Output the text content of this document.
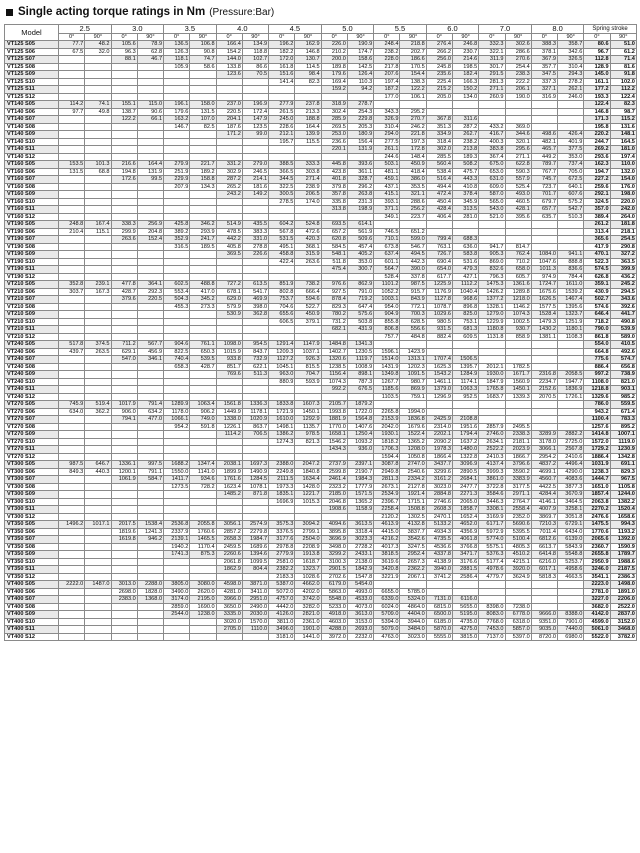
Single acting torque ratings in Nm (Pressure:Bar)
Model	2.5		3.0		3.5		4.0		4.5		5.0		5.5		6.0		7.0		8.0		Spring stroke	
	0°	90°	0°	90°	0°	90°	0°	90°	0°	90°	0°	90°	0°	90°	0°	90°	0°	90°	0°	90°	0°	90°
VT125 S05	77.7	48.2	105.6	78.9	136.5	106.8	166.4	134.9	196.2	162.9	226.0	190.9	248.4	218.8	276.4	246.8	332.3	302.6	388.3	358.7	80.6	51.0
VT125 S06	67.5	32.0	96.3	62.8	126.3	90.8	154.2	118.8	182.2	146.8	210.2	174.7	238.2	202.7	266.2	230.7	322.1	286.6	378.1	342.6	96.7	61.2
VT125 S07			88.1	46.7	118.1	74.7	144.0	102.7	172.0	130.7	200.0	158.6	228.0	186.6	256.0	214.6	311.9	270.6	367.9	326.5	112.8	71.4
VT125 S08					105.9	58.6	133.8	86.6	161.8	114.5	189.8	142.5	217.8	170.5	245.8	198.5	301.7	254.4	357.7	310.4	128.9	81.6
VT125 S09							123.6	70.5	151.6	98.4	179.6	126.4	207.6	154.4	235.6	182.4	291.5	238.3	347.5	294.3	145.0	91.8
VT125 S10									141.4	82.3	169.4	110.3	197.4	138.3	225.4	166.3	281.3	222.2	337.3	278.2	161.1	102.0
VT125 S11											159.2	94.2	187.2	122.2	215.2	150.2	271.1	206.1	327.1	262.1	177.2	112.2
VT125 S12													177.0	106.1	205.0	134.0	260.9	190.0	316.9	246.0	193.3	122.4
VT140 S05	114.2	74.1	155.1	115.0	196.1	158.0	237.0	196.9	277.9	237.8	318.9	278.7									122.4	82.3
VT140 S06	97.7	49.8	138.7	90.6	179.6	131.5	220.5	172.4	261.5	213.3	302.4	254.3	343.3	295.2							146.8	98.7
VT140 S07			122.2	66.1	163.2	107.0	204.1	147.9	245.0	188.8	285.9	229.8	326.9	270.7	367.8	311.6					171.3	115.2
VT140 S08					146.7	82.5	187.6	123.5	228.6	164.4	269.5	205.3	310.4	246.2	351.3	287.2	433.2	369.0			195.8	131.6
VT140 S09							171.2	99.0	212.1	139.9	253.0	180.9	294.0	221.8	334.9	262.7	416.7	344.6	498.6	426.4	220.2	148.1
VT140 S10									195.7	115.5	236.6	156.4	277.5	197.3	318.4	238.2	400.3	320.1	482.1	401.9	244.7	164.5
VT140 S11											220.1	131.9	261.1	172.8	302.0	213.8	383.8	295.6	465.7	377.5	269.2	181.0
VT140 S12													244.6	148.4	285.5	189.3	367.4	271.1	449.2	353.0	293.6	197.4
VT160 S05	153.5	101.3	216.6	164.4	279.9	221.7	331.2	279.0	388.5	333.3	445.8	393.6	503.1	450.9	560.4	508.2	675.0	622.8	789.7	737.4	162.3	110.0
VT160 S06	131.5	68.8	194.8	131.9	251.9	189.2	302.9	246.5	366.5	303.8	423.8	361.1	481.1	418.4	538.4	475.7	653.0	590.3	767.7	705.0	194.7	132.0
VT160 S07			172.6	99.5	229.9	158.8	287.2	214.1	344.5	271.4	401.8	328.7	459.1	386.0	516.4	443.3	631.0	557.9	745.7	672.5	227.2	154.0
VT160 S08					207.9	134.3	265.2	181.6	322.5	238.9	379.8	296.2	437.1	353.5	494.4	410.8	609.0	525.4	723.7	640.1	259.6	176.0
VT160 S09							243.2	149.2	300.5	206.5	357.8	263.8	415.1	321.1	472.4	378.4	587.0	493.0	701.7	607.6	292.1	198.0
VT160 S10									278.5	174.0	335.8	231.3	393.1	288.6	450.4	345.9	565.0	460.5	679.7	575.2	324.5	220.0
VT160 S11											313.8	198.9	371.1	256.2	428.4	313.5	543.0	428.1	657.7	542.7	357.0	242.0
VT160 S12													349.1	223.7	406.4	281.0	521.0	395.6	635.7	510.3	389.4	264.0
VT190 S05	248.8	167.4	338.3	256.9	425.8	346.2	514.9	435.5	604.2	524.8	693.5	614.1									261.2	181.8
VT190 S06	210.4	115.1	299.9	204.8	389.2	293.9	478.5	383.3	567.8	472.6	657.2	561.9	746.5	651.2							313.4	218.1
VT190 S07			263.6	152.4	352.9	241.7	442.2	331.0	531.5	420.3	620.8	509.6	710.1	599.0	799.4	688.3					365.6	254.5
VT190 S08					316.5	189.5	405.8	278.8	495.1	368.1	584.5	457.4	673.8	546.7	763.1	636.0	941.7	814.7			417.9	290.8
VT190 S09							369.5	226.6	458.8	315.9	548.1	405.2	637.4	494.5	726.7	583.8	905.3	762.4	1084.0	941.1	470.1	327.2
VT190 S10									422.4	263.6	511.8	353.0	601.1	442.3	690.4	531.6	869.0	710.2	1047.6	888.8	522.3	363.5
VT190 S11											475.4	300.7	564.7	390.0	654.0	479.3	832.6	658.0	1011.3	836.6	574.5	399.9
VT190 S12													528.4	337.8	617.7	427.1	796.3	605.7	974.9	784.4	626.8	436.2
VT210 S05	352.8	239.1	477.8	364.1	602.5	488.8	727.2	613.5	851.9	738.2	976.6	862.9	1101.2	987.5	1225.9	1112.2	1475.3	1361.6	1724.7	1611.0	359.1	245.2
VT210 S06	303.7	167.3	428.7	292.3	553.4	417.0	678.1	541.7	802.8	666.4	927.5	791.0	1052.2	915.7	1176.9	1040.4	1426.2	1289.8	1675.6	1539.2	430.9	294.5
VT210 S07			379.6	220.5	504.3	345.2	629.0	469.9	753.7	594.6	878.4	719.2	1003.1	843.9	1127.8	968.6	1377.2	1218.0	1626.5	1467.4	502.7	343.6
VT210 S08					455.3	273.3	579.9	398.0	704.6	522.7	829.3	647.4	954.0	772.1	1078.7	896.8	1328.1	1146.2	1577.5	1395.6	574.6	392.6
VT210 S09							530.9	362.8	655.6	450.9	780.2	575.6	904.9	700.3	1029.6	825.0	1279.0	1074.3	1528.4	1323.7	646.4	441.7
VT210 S10									606.5	379.1	731.2	503.8	855.8	628.5	980.5	753.1	1229.9	1002.5	1479.3	1251.9	718.2	490.8
VT210 S11											682.1	431.9	806.8	556.6	931.5	681.3	1180.8	930.7	1430.2	1180.1	790.0	539.9
VT210 S12													757.7	484.8	882.4	609.5	1131.8	858.9	1381.1	1108.3	861.8	589.0
VT240 S05	517.8	374.5	711.2	567.7	904.6	761.1	1098.0	954.5	1291.4	1147.9	1484.8	1341.3									554.0	410.5
VT240 S06	439.7	263.5	629.1	456.9	822.5	650.3	1015.9	843.7	1209.3	1037.1	1402.7	1230.5	1596.1	1423.9							664.8	492.6
VT240 S07			547.0	346.1	740.4	539.5	933.8	732.9	1127.2	926.3	1320.6	1119.7	1514.0	1313.1	1707.4	1506.5					775.6	574.7
VT240 S08					658.3	428.7	851.7	622.1	1045.1	815.5	1238.5	1008.9	1431.9	1202.3	1625.3	1395.7	2012.1	1782.5			886.4	656.8
VT240 S09							769.6	511.3	963.0	704.7	1156.4	898.1	1349.8	1091.5	1543.2	1284.9	1930.0	1671.7	2316.8	2058.5	997.2	738.9
VT240 S10									880.9	593.9	1074.3	787.3	1267.7	980.7	1461.1	1174.1	1847.9	1560.9	2234.7	1947.7	1108.0	821.0
VT240 S11											992.2	676.5	1185.6	869.9	1379.0	1063.3	1765.8	1450.1	2152.6	1836.9	1218.8	903.1
VT240 S12													1103.5	759.1	1296.9	952.5	1683.7	1339.3	2070.5	1726.1	1329.6	985.2
VT270 S05	745.9	519.4	1017.9	791.4	1289.9	1063.4	1561.8	1336.3	1833.8	1607.3	2105.7	1879.2									786.0	559.5
VT270 S06	634.0	362.2	906.0	634.2	1178.0	906.2	1449.9	1178.1	1721.9	1450.1	1993.8	1722.0	2265.8	1994.0							943.2	671.4
VT270 S07			794.1	477.0	1066.1	749.0	1338.0	1020.9	1610.0	1292.9	1881.9	1564.8	2153.9	1836.8	2425.9	2108.8					1100.4	783.3
VT270 S08					954.2	591.8	1226.1	863.7	1498.1	1135.7	1770.0	1407.6	2042.0	1679.6	2314.0	1951.6	2857.9	2495.5			1257.6	895.2
VT270 S09							1114.2	706.5	1386.2	978.5	1658.1	1250.4	1930.1	1522.4	2202.1	1794.4	2746.0	2338.3	3289.9	2882.2	1414.8	1007.1
VT270 S10									1274.3	821.3	1546.2	1093.2	1818.2	1365.2	2090.2	1637.2	2634.1	2181.1	3178.0	2725.0	1572.0	1119.0
VT270 S11											1434.3	936.0	1706.3	1208.0	1978.3	1480.0	2522.2	2023.9	3066.1	2567.8	1729.2	1230.9
VT270 S12													1594.4	1050.8	1866.4	1322.8	2410.3	1866.7	2954.2	2410.6	1886.4	1342.8
VT300 S05	987.5	646.7	1336.1	997.5	1688.2	1347.4	2038.1	1697.3	2388.0	2047.2	2737.9	2397.1	3087.8	2747.0	3437.7	3096.9	4137.4	3796.6	4837.2	4496.4	1031.9	691.1
VT300 S06	849.3	440.3	1200.1	791.1	1550.0	1141.0	1899.9	1490.9	2249.8	1840.8	2599.8	2190.7	2949.8	2540.6	3299.6	2890.5	3999.3	3590.2	4699.1	4290.0	1238.3	829.3
VT300 S07			1061.9	584.7	1411.7	934.6	1761.6	1284.5	2111.5	1634.4	2461.4	1984.3	2811.3	2334.2	3161.2	2684.1	3861.0	3383.9	4560.7	4083.6	1444.7	967.5
VT300 S08					1273.5	728.2	1623.4	1078.1	1973.3	1428.0	2323.2	1777.9	2673.1	2127.8	3023.0	2477.7	3722.8	3177.5	4422.5	3877.3	1651.0	1105.8
VT300 S09							1485.2	871.8	1835.1	1221.7	2185.0	1571.5	2534.9	1921.4	2884.8	2271.3	3584.6	2971.1	4284.4	3670.9	1857.4	1244.0
VT300 S10									1696.9	1015.3	2046.8	1365.2	2396.7	1715.1	2746.6	2065.0	3446.3	2764.7	4146.1	3464.5	2063.8	1382.2
VT300 S11											1908.6	1158.9	2258.4	1508.8	2608.3	1858.7	3308.1	2558.4	4007.9	3258.1	2270.2	1520.4
VT300 S12													2120.2	1302.5	2470.1	1652.4	3169.9	2352.0	3869.7	3051.8	2476.6	1658.6
VT350 S05	1496.2	1017.1	2017.5	1538.4	2536.8	2055.8	3056.1	2574.9	3575.3	3094.2	4094.6	3613.5	4613.9	4132.8	5133.2	4652.0	6171.7	5690.6	7210.3	6729.1	1475.5	994.3
VT350 S06			1819.6	1241.3	2337.9	1760.6	2857.2	2279.8	3376.5	2799.1	3895.8	3318.4	4415.0	3837.7	4934.3	4356.9	5972.9	5395.5	7011.4	6434.0	1770.6	1193.2
VT350 S07			1619.8	946.2	2139.1	1465.5	2658.3	1984.7	3177.6	2504.0	3696.9	3023.3	4216.2	3542.6	4735.5	4061.8	5774.0	5100.4	6812.6	6139.0	2065.6	1392.0
VT350 S08					1940.2	1170.4	2459.5	1689.6	2978.8	2208.9	3498.0	2728.2	4017.3	3247.5	4536.6	3766.8	5575.1	4805.3	6613.7	5843.9	2360.7	1590.9
VT350 S09					1741.3	875.3	2260.6	1394.6	2779.9	1913.8	3299.2	2433.1	3818.5	2952.4	4337.8	3471.7	5376.3	4510.2	6414.8	5548.8	2655.8	1789.7
VT350 S10							2061.8	1099.5	2581.0	1618.7	3100.3	2138.0	3619.6	2657.3	4138.9	3176.6	5177.4	4215.1	6216.0	5253.7	2950.9	1988.6
VT350 S11							1862.9	804.4	2382.2	1323.7	2901.5	1842.9	3420.8	2362.2	3940.0	2881.5	4978.6	3920.0	6017.1	4958.6	3246.0	2187.5
VT350 S12									2183.3	1028.6	2702.6	1547.8	3221.9	2067.1	3741.2	2586.4	4779.7	3624.9	5818.3	4663.5	3541.1	2386.3
VT400 S05	2222.0	1487.0	3013.0	2288.0	3805.0	3080.0	4598.0	3871.0	5387.0	4662.0	6179.0	5454.0									2223.0	1498.0
VT400 S06			2698.0	1828.0	3490.0	2620.0	4281.0	3411.0	5072.0	4202.0	5863.0	4993.0	6655.0	5785.0							2781.0	1891.0
VT400 S07			2383.0	1368.0	3174.0	2195.0	3966.0	2951.0	4757.0	3742.0	5548.0	4533.0	6339.0	5324.0	7131.0	6116.0					3227.0	2206.0
VT400 S08					2859.0	1690.0	3650.0	2490.0	4442.0	3282.0	5233.0	4073.0	6024.0	4864.0	6815.0	5655.0	8398.0	7238.0			3682.0	2522.0
VT400 S09					2544.0	1238.0	3335.0	2030.0	4126.0	2821.0	4918.0	3613.0	5709.0	4404.0	6500.0	5195.0	8083.0	6778.0	9666.0	8388.0	4142.0	2837.0
VT400 S10							3020.0	1570.0	3811.0	2361.0	4603.0	3153.0	5394.0	3944.0	6185.0	4735.0	7768.0	6318.0	9351.0	7901.0	4599.0	3152.0
VT400 S11							2705.0	1110.0	3496.0	1901.0	4288.0	2693.0	5079.0	3484.0	5870.0	4275.0	7453.0	5857.0	9035.0	7440.0	5061.0	3468.0
VT400 S12									3181.0	1441.0	3972.0	2232.0	4763.0	3023.0	5555.0	3815.0	7137.0	5397.0	8720.0	6980.0	5522.0	3782.0
